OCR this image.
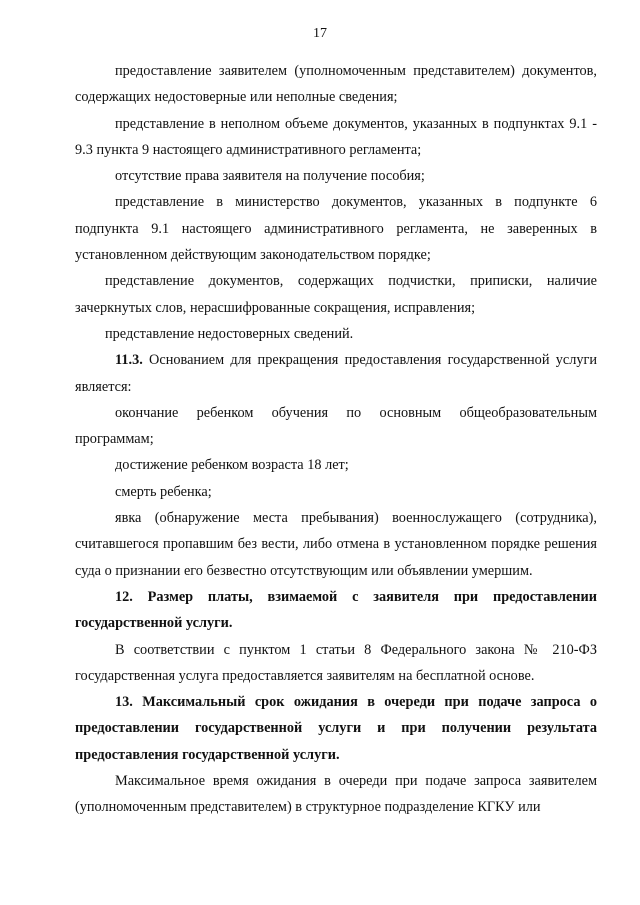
17

предоставление заявителем (уполномоченным представителем) документов, содержащих недостоверные или неполные сведения;

представление в неполном объеме документов, указанных в подпунктах 9.1 - 9.3 пункта 9 настоящего административного регламента;

отсутствие права заявителя на получение пособия;

представление в министерство документов, указанных в подпункте 6 подпункта 9.1 настоящего административного регламента, не заверенных в установленном действующим законодательством порядке;

представление документов, содержащих подчистки, приписки, наличие зачеркнутых слов, нерасшифрованные сокращения, исправления;

представление недостоверных сведений.

11.3. Основанием для прекращения предоставления государственной услуги является:

окончание ребенком обучения по основным общеобразовательным программам;

достижение ребенком возраста 18 лет;

смерть ребенка;

явка (обнаружение места пребывания) военнослужащего (сотрудника), считавшегося пропавшим без вести, либо отмена в установленном порядке решения суда о признании его безвестно отсутствующим или объявлении умершим.

12. Размер платы, взимаемой с заявителя при предоставлении государственной услуги.

В соответствии с пунктом 1 статьи 8 Федерального закона № 210-ФЗ государственная услуга предоставляется заявителям на бесплатной основе.

13. Максимальный срок ожидания в очереди при подаче запроса о предоставлении государственной услуги и при получении результата предоставления государственной услуги.

Максимальное время ожидания в очереди при подаче запроса заявителем (уполномоченным представителем) в структурное подразделение КГКУ или
